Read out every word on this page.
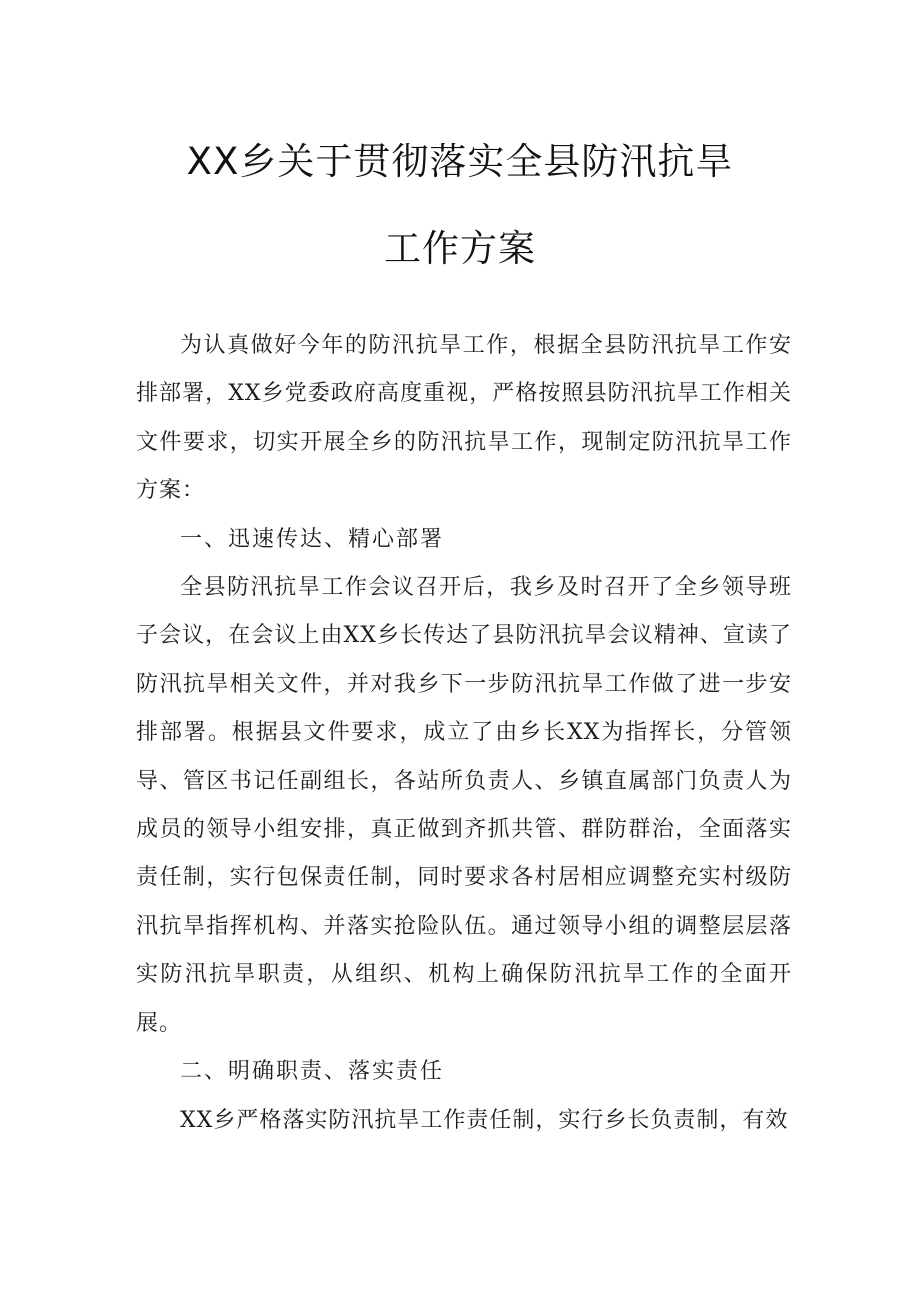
XX乡关于贯彻落实全县防汛抗旱
工作方案

为认真做好今年的防汛抗旱工作，根据全县防汛抗旱工作安排部署，XX乡党委政府高度重视，严格按照县防汛抗旱工作相关文件要求，切实开展全乡的防汛抗旱工作，现制定防汛抗旱工作方案：

一、迅速传达、精心部署

全县防汛抗旱工作会议召开后，我乡及时召开了全乡领导班子会议，在会议上由XX乡长传达了县防汛抗旱会议精神、宣读了防汛抗旱相关文件，并对我乡下一步防汛抗旱工作做了进一步安排部署。根据县文件要求，成立了由乡长XX为指挥长，分管领导、管区书记任副组长，各站所负责人、乡镇直属部门负责人为成员的领导小组安排，真正做到齐抓共管、群防群治，全面落实责任制，实行包保责任制，同时要求各村居相应调整充实村级防汛抗旱指挥机构、并落实抢险队伍。通过领导小组的调整层层落实防汛抗旱职责，从组织、机构上确保防汛抗旱工作的全面开展。

二、明确职责、落实责任

XX乡严格落实防汛抗旱工作责任制，实行乡长负责制，有效
